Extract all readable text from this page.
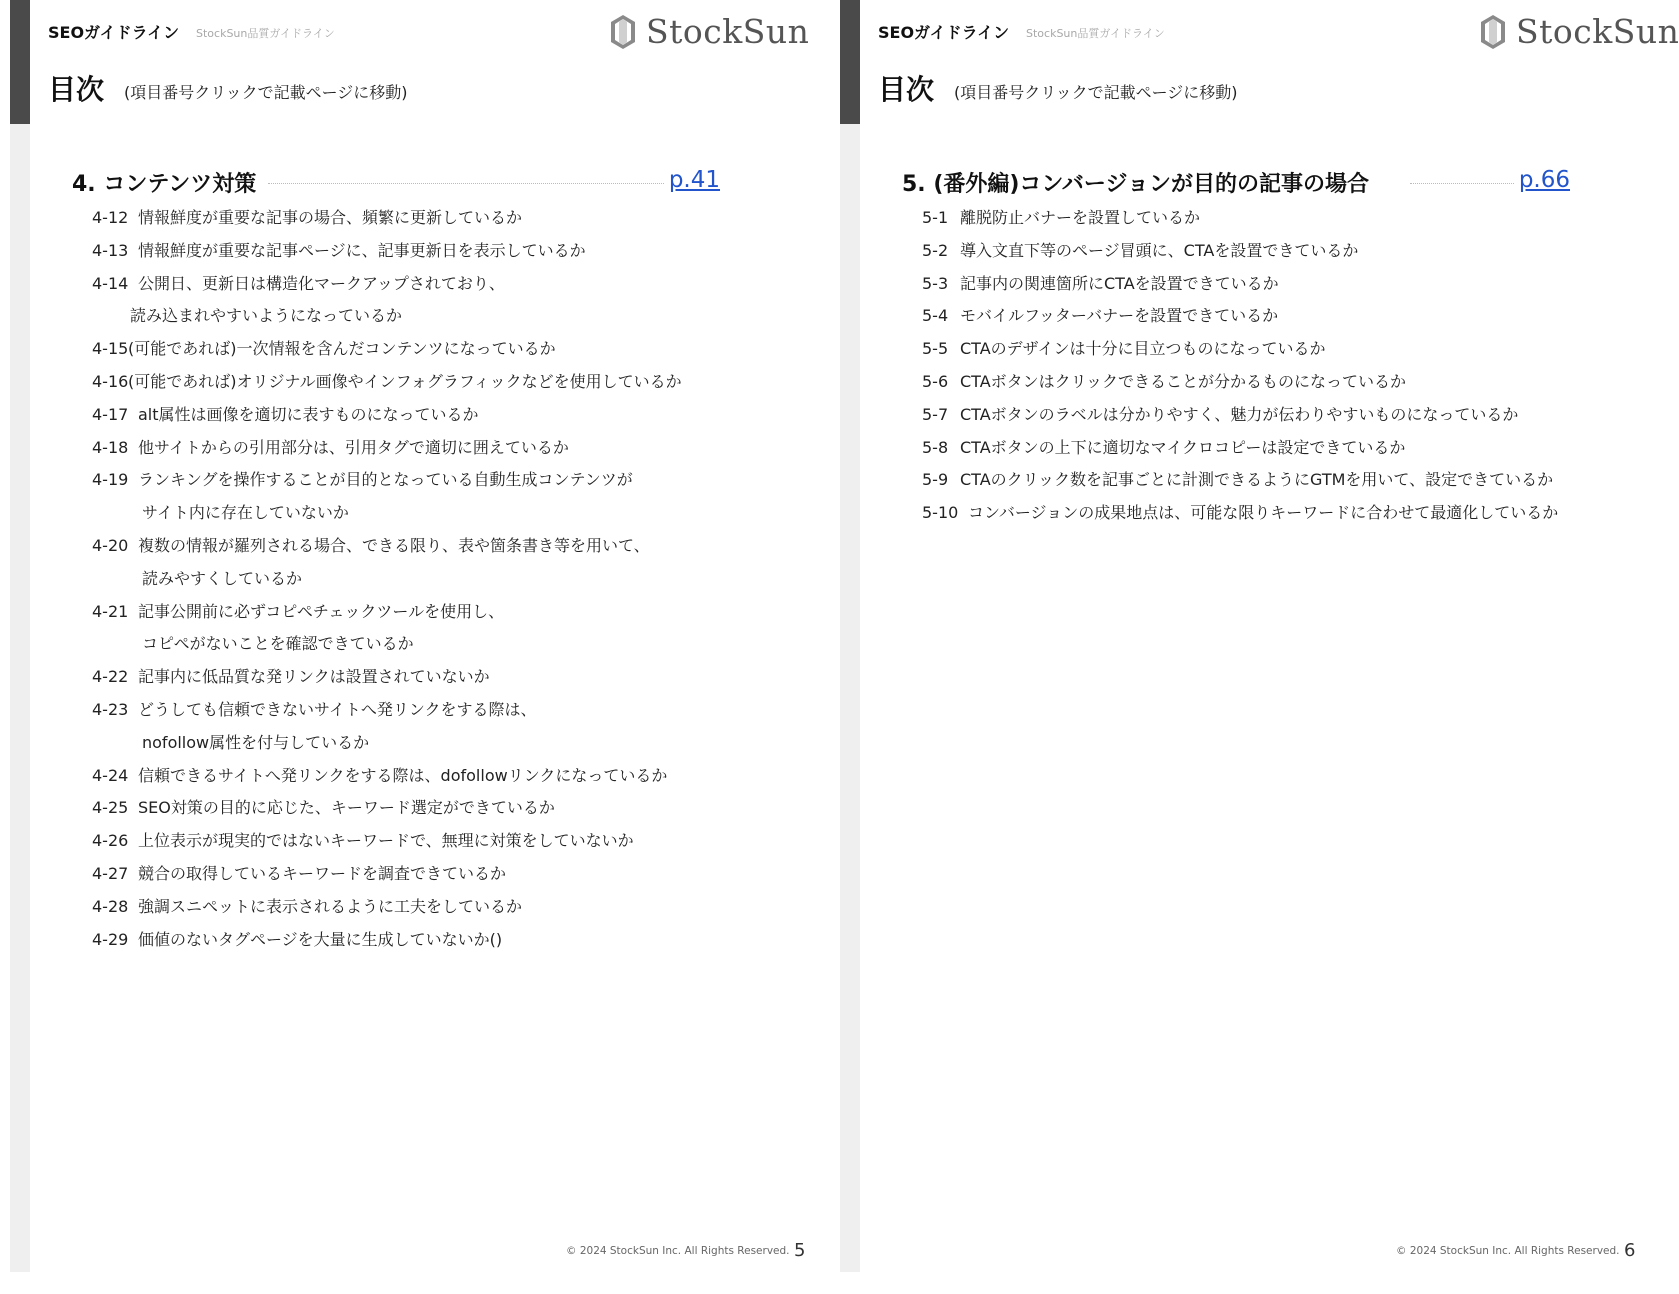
SEOガイドライン StockSun品質ガイドライン	StockSun
目次 (項目番号クリックで記載ページに移動)
4. コンテンツ対策	p.41
4-12 情報鮮度が重要な記事の場合、頻繁に更新しているか
4-13 情報鮮度が重要な記事ページに、記事更新日を表示しているか
4-14 公開日、更新日は構造化マークアップされており、
読み込まれやすいようになっているか
4-15(可能であれば)一次情報を含んだコンテンツになっているか
4-16(可能であれば)オリジナル画像やインフォグラフィックなどを使用しているか
4-17 alt属性は画像を適切に表すものになっているか
4-18 他サイトからの引用部分は、引用タグで適切に囲えているか
4-19 ランキングを操作することが目的となっている自動生成コンテンツが
サイト内に存在していないか
4-20 複数の情報が羅列される場合、できる限り、表や箇条書き等を用いて、
読みやすくしているか
4-21 記事公開前に必ずコピペチェックツールを使用し、
コピペがないことを確認できているか
4-22 記事内に低品質な発リンクは設置されていないか
4-23 どうしても信頼できないサイトへ発リンクをする際は、
nofollow属性を付与しているか
4-24 信頼できるサイトへ発リンクをする際は、dofollowリンクになっているか
4-25 SEO対策の目的に応じた、キーワード選定ができているか
4-26 上位表示が現実的ではないキーワードで、無理に対策をしていないか
4-27 競合の取得しているキーワードを調査できているか
4-28 強調スニペットに表示されるように工夫をしているか
4-29 価値のないタグページを大量に生成していないか()
© 2024 StockSun Inc. All Rights Reserved. 5
SEOガイドライン StockSun品質ガイドライン	StockSun
目次 (項目番号クリックで記載ページに移動)
5. (番外編)コンバージョンが目的の記事の場合	p.66
5-1 離脱防止バナーを設置しているか
5-2 導入文直下等のページ冒頭に、CTAを設置できているか
5-3 記事内の関連箇所にCTAを設置できているか
5-4 モバイルフッターバナーを設置できているか
5-5 CTAのデザインは十分に目立つものになっているか
5-6 CTAボタンはクリックできることが分かるものになっているか
5-7 CTAボタンのラベルは分かりやすく、魅力が伝わりやすいものになっているか
5-8 CTAボタンの上下に適切なマイクロコピーは設定できているか
5-9 CTAのクリック数を記事ごとに計測できるようにGTMを用いて、設定できているか
5-10 コンバージョンの成果地点は、可能な限りキーワードに合わせて最適化しているか
© 2024 StockSun Inc. All Rights Reserved. 6
